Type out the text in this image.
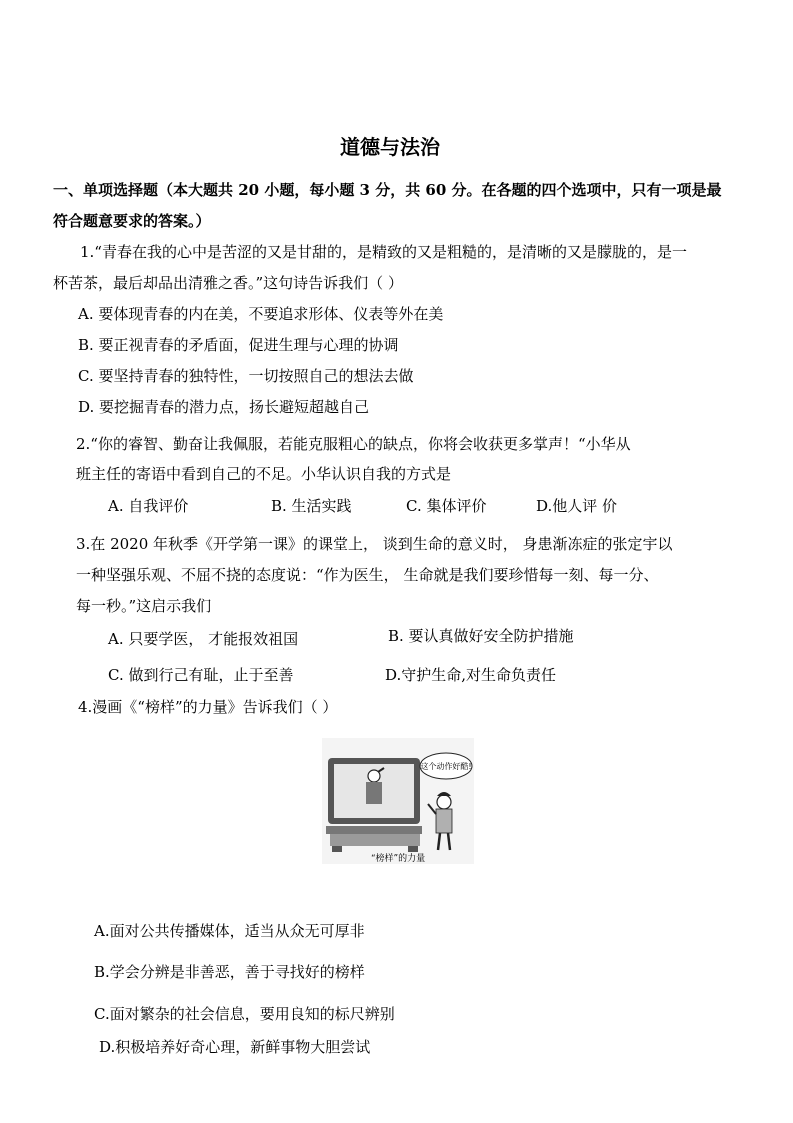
道德与法治
一、单项选择题（本大题共 20 小题，每小题 3 分，共 60 分。在各题的四个选项中，只有一项是最
符合题意要求的答案。）
1.“青春在我的心中是苦涩的又是甘甜的，是精致的又是粗糙的，是清晰的又是朦胧的，是一
杯苦茶，最后却品出清雅之香。”这句诗告诉我们（ ）
A. 要体现青春的内在美，不要追求形体、仪表等外在美
B. 要正视青春的矛盾面，促进生理与心理的协调
C. 要坚持青春的独特性，一切按照自己的想法去做
D. 要挖掘青春的潜力点，扬长避短超越自己
2.“你的睿智、勤奋让我佩服，若能克服粗心的缺点，你将会收获更多掌声！“小华从
班主任的寄语中看到自己的不足。小华认识自我的方式是
A. 自我评价	B. 生活实践	C. 集体评价	D.他人评 价
3.在 2020 年秋季《开学第一课》的课堂上， 谈到生命的意义时， 身患渐冻症的张定宇以
一种坚强乐观、不屈不挠的态度说：“作为医生， 生命就是我们要珍惜每一刻、每一分、
每一秒。”这启示我们
A. 只要学医， 才能报效祖国	B. 要认真做好安全防护措施
C. 做到行己有耻，止于至善	D.守护生命,对生命负责任
4.漫画《“榜样”的力量》告诉我们（ ）
这个动作好酷!
“榜样”的力量
A.面对公共传播媒体，适当从众无可厚非
B.学会分辨是非善恶，善于寻找好的榜样
C.面对繁杂的社会信息，要用良知的标尺辨别
D.积极培养好奇心理，新鲜事物大胆尝试
